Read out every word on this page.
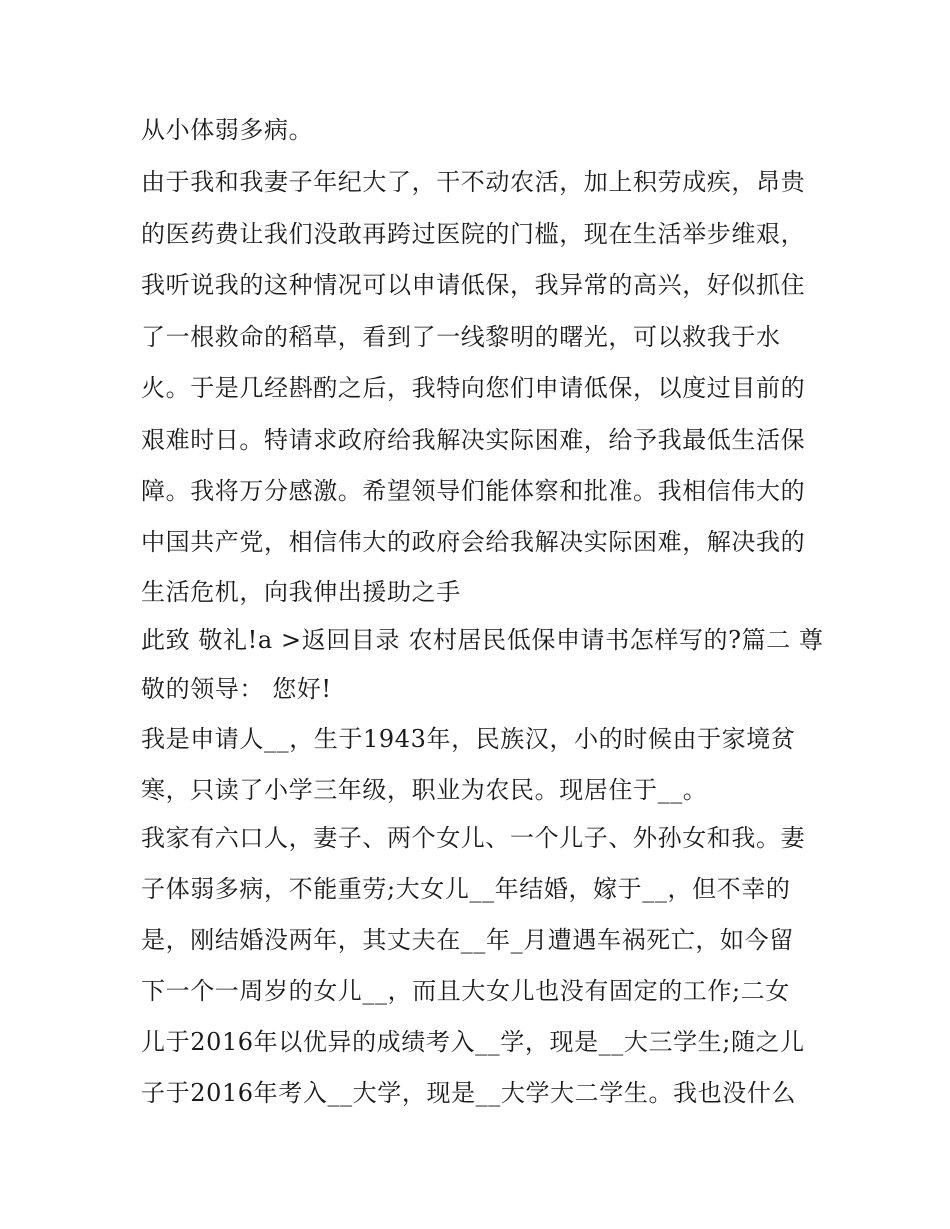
从小体弱多病。
由于我和我妻子年纪大了，干不动农活，加上积劳成疾，昂贵
的医药费让我们没敢再跨过医院的门槛，现在生活举步维艰，
我听说我的这种情况可以申请低保，我异常的高兴，好似抓住
了一根救命的稻草，看到了一线黎明的曙光，可以救我于水
火。于是几经斟酌之后，我特向您们申请低保，以度过目前的
艰难时日。特请求政府给我解决实际困难，给予我最低生活保
障。我将万分感激。希望领导们能体察和批准。我相信伟大的
中国共产党，相信伟大的政府会给我解决实际困难，解决我的
生活危机，向我伸出援助之手
此致 敬礼!a >返回目录 农村居民低保申请书怎样写的?篇二 尊
敬的领导： 您好!
我是申请人__，生于1943年，民族汉，小的时候由于家境贫
寒，只读了小学三年级，职业为农民。现居住于__。
我家有六口人，妻子、两个女儿、一个儿子、外孙女和我。妻
子体弱多病，不能重劳;大女儿__年结婚，嫁于__，但不幸的
是，刚结婚没两年，其丈夫在__年_月遭遇车祸死亡，如今留
下一个一周岁的女儿__，而且大女儿也没有固定的工作;二女
儿于2016年以优异的成绩考入__学，现是__大三学生;随之儿
子于2016年考入__大学，现是__大学大二学生。我也没什么
